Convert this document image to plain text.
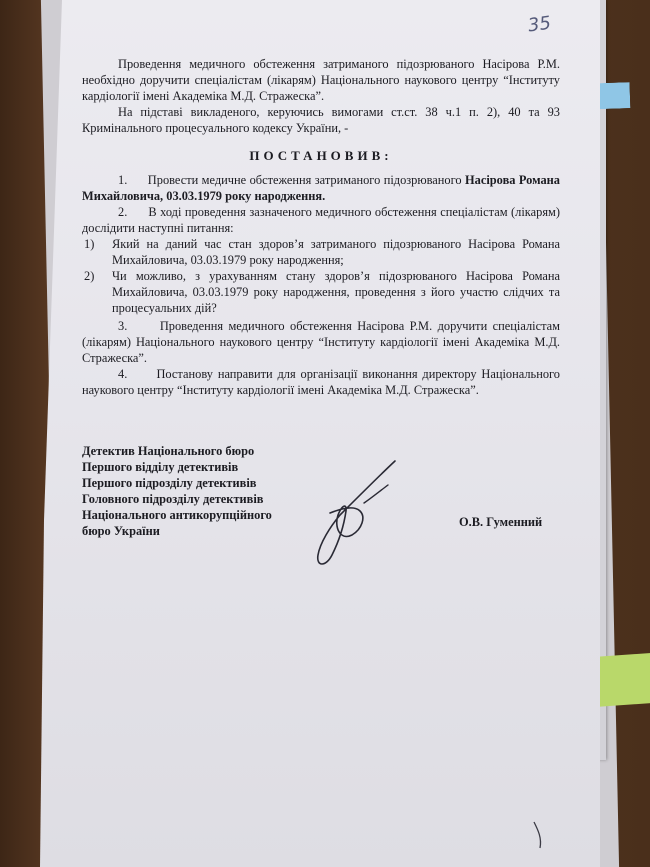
35

Проведення медичного обстеження затриманого підозрюваного Насірова Р.М. необхідно доручити спеціалістам (лікарям) Національного наукового центру “Інституту кардіології імені Академіка М.Д. Стражеска”.

На підставі викладеного, керуючись вимогами ст.ст. 38 ч.1 п. 2), 40 та 93 Кримінального процесуального кодексу України, -

ПОСТАНОВИВ:

1. Провести медичне обстеження затриманого підозрюваного Насірова Романа Михайловича, 03.03.1979 року народження.

2. В ході проведення зазначеного медичного обстеження спеціалістам (лікарям) дослідити наступні питання:

1)	Який на даний час стан здоров’я затриманого підозрюваного Насірова Романа Михайловича, 03.03.1979 року народження;
2)	Чи можливо, з урахуванням стану здоров’я підозрюваного Насірова Романа Михайловича, 03.03.1979 року народження, проведення з його участю слідчих та процесуальних дій?

3.	Проведення медичного обстеження Насірова Р.М. доручити спеціалістам (лікарям) Національного наукового центру “Інституту кардіології імені Академіка М.Д. Стражеска”.

4. Постанову направити для організації виконання директору Національного наукового центру “Інституту кардіології імені Академіка М.Д. Стражеска”.

Детектив Національного бюро
Першого відділу детективів
Першого підрозділу детективів
Головного підрозділу детективів
Національного антикорупційного
бюро України
О.В. Гуменний
